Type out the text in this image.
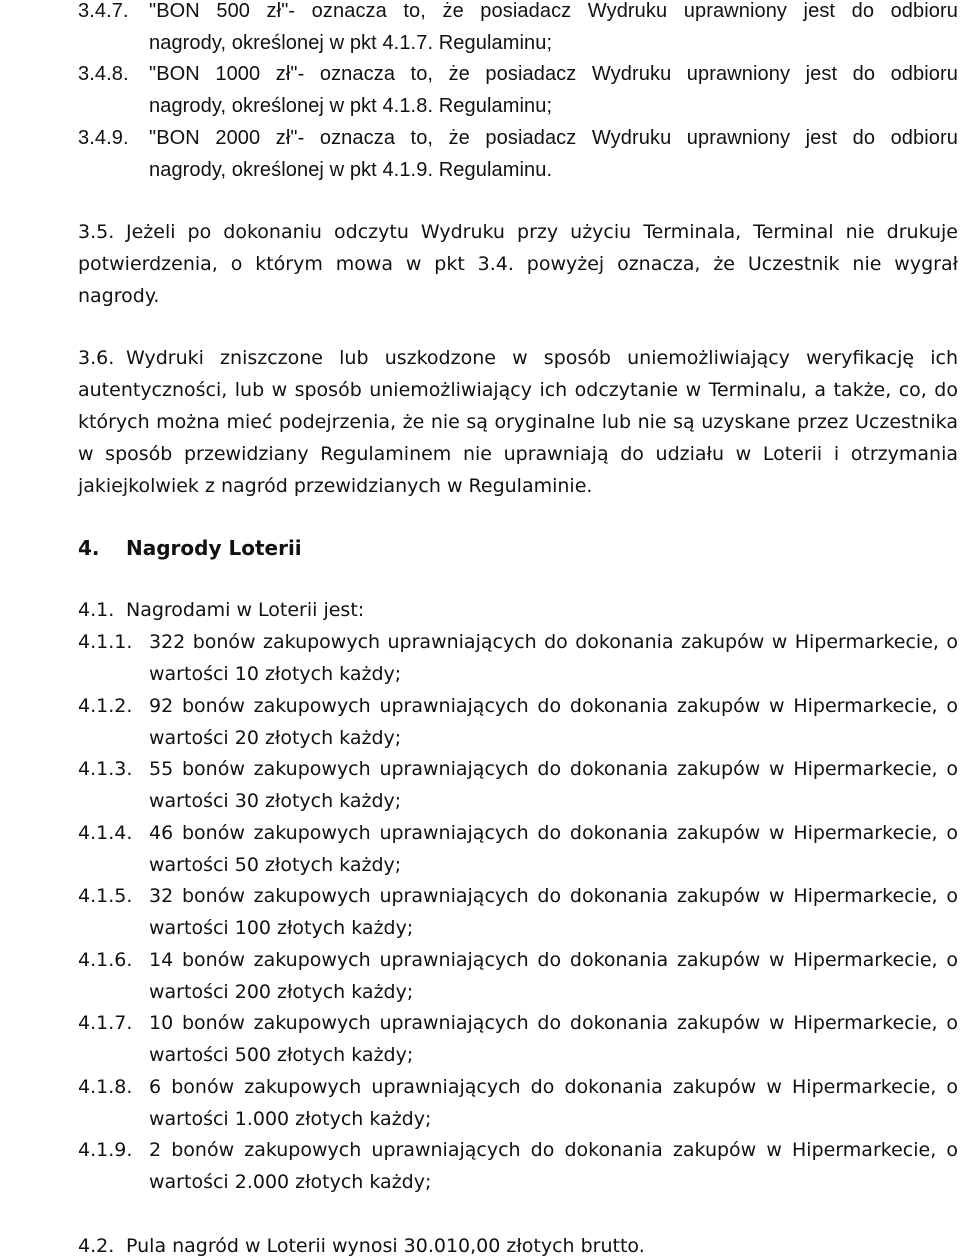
3.4.7. "BON 500 zł"- oznacza to, że posiadacz Wydruku uprawniony jest do odbioru
nagrody, określonej w pkt 4.1.7. Regulaminu;
3.4.8. "BON 1000 zł"- oznacza to, że posiadacz Wydruku uprawniony jest do odbioru
nagrody, określonej w pkt 4.1.8. Regulaminu;
3.4.9. "BON 2000 zł"- oznacza to, że posiadacz Wydruku uprawniony jest do odbioru
nagrody, określonej w pkt 4.1.9. Regulaminu.
3.5. Jeżeli po dokonaniu odczytu Wydruku przy użyciu Terminala, Terminal nie drukuje
potwierdzenia, o którym mowa w pkt 3.4. powyżej oznacza, że Uczestnik nie wygrał
nagrody.
3.6. Wydruki zniszczone lub uszkodzone w sposób uniemożliwiający weryfikację ich
autentyczności, lub w sposób uniemożliwiający ich odczytanie w Terminalu, a także, co, do
których można mieć podejrzenia, że nie są oryginalne lub nie są uzyskane przez Uczestnika
w sposób przewidziany Regulaminem nie uprawniają do udziału w Loterii i otrzymania
jakiejkolwiek z nagród przewidzianych w Regulaminie.
4. Nagrody Loterii
4.1. Nagrodami w Loterii jest:
4.1.1. 322 bonów zakupowych uprawniających do dokonania zakupów w Hipermarkecie, o
wartości 10 złotych każdy;
4.1.2. 92 bonów zakupowych uprawniających do dokonania zakupów w Hipermarkecie, o
wartości 20 złotych każdy;
4.1.3. 55 bonów zakupowych uprawniających do dokonania zakupów w Hipermarkecie, o
wartości 30 złotych każdy;
4.1.4. 46 bonów zakupowych uprawniających do dokonania zakupów w Hipermarkecie, o
wartości 50 złotych każdy;
4.1.5. 32 bonów zakupowych uprawniających do dokonania zakupów w Hipermarkecie, o
wartości 100 złotych każdy;
4.1.6. 14 bonów zakupowych uprawniających do dokonania zakupów w Hipermarkecie, o
wartości 200 złotych każdy;
4.1.7. 10 bonów zakupowych uprawniających do dokonania zakupów w Hipermarkecie, o
wartości 500 złotych każdy;
4.1.8. 6 bonów zakupowych uprawniających do dokonania zakupów w Hipermarkecie, o
wartości 1.000 złotych każdy;
4.1.9. 2 bonów zakupowych uprawniających do dokonania zakupów w Hipermarkecie, o
wartości 2.000 złotych każdy;
4.2. Pula nagród w Loterii wynosi 30.010,00 złotych brutto.
